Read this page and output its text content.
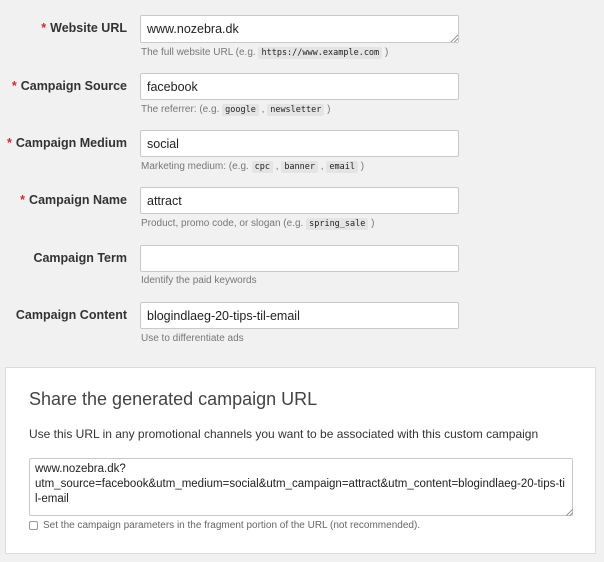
* Website URL
www.nozebra.dk
The full website URL (e.g. https://www.example.com )
* Campaign Source
facebook
The referrer: (e.g. google , newsletter )
* Campaign Medium
social
Marketing medium: (e.g. cpc , banner , email )
* Campaign Name
attract
Product, promo code, or slogan (e.g. spring_sale )
Campaign Term
Identify the paid keywords
Campaign Content
blogindlaeg-20-tips-til-email
Use to differentiate ads
Share the generated campaign URL
Use this URL in any promotional channels you want to be associated with this custom campaign
www.nozebra.dk?
utm_source=facebook&utm_medium=social&utm_campaign=attract&utm_content=blogindlaeg-20-tips-til-email
Set the campaign parameters in the fragment portion of the URL (not recommended).
